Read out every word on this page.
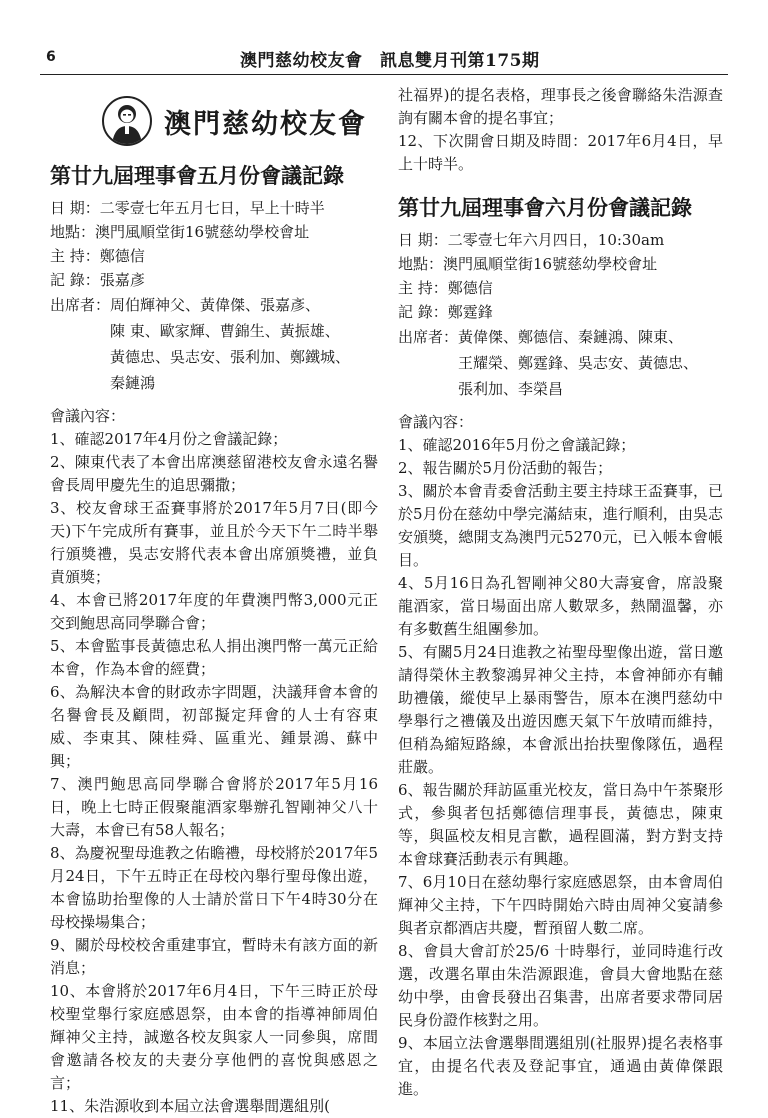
6	澳門慈幼校友會　訊息雙月刊第175期
澳門慈幼校友會
第廿九屆理事會五月份會議記錄
日 期：二零壹七年五月七日，早上十時半
地點：澳門風順堂街16號慈幼學校會址
主 持：鄭德信
記 錄：張嘉彥
出席者： 周伯輝神父、黃偉傑、張嘉彥、
陳 東、歐家輝、曹錦生、黃振雄、
黃德忠、吳志安、張利加、鄭鐵城、
秦鏈鴻
會議內容：

1、確認2017年4月份之會議記錄；

2、陳東代表了本會出席澳慈留港校友會永遠名譽會長周甲慶先生的追思彌撒；

3、校友會球王盃賽事將於2017年5月7日(即今天)下午完成所有賽事，並且於今天下午二時半舉行頒獎禮，吳志安將代表本會出席頒獎禮，並負責頒獎；

4、本會已將2017年度的年費澳門幣3,000元正交到鮑思高同學聯合會；

5、本會監事長黃德忠私人捐出澳門幣一萬元正給本會，作為本會的經費；

6、為解決本會的財政赤字問題，決議拜會本會的名譽會長及顧問，初部擬定拜會的人士有容東威、李東其、陳桂舜、區重光、鍾景鴻、蘇中興；

7、澳門鮑思高同學聯合會將於2017年5月16日，晚上七時正假聚龍酒家舉辦孔智剛神父八十大壽，本會已有58人報名；

8、為慶祝聖母進教之佑瞻禮，母校將於2017年5月24日，下午五時正在母校內舉行聖母像出遊，本會協助抬聖像的人士請於當日下午4時30分在母校操場集合；

9、關於母校校舍重建事宜，暫時未有該方面的新消息；

10、本會將於2017年6月4日，下午三時正於母校聖堂舉行家庭感恩祭，由本會的指導神師周伯輝神父主持，誠邀各校友與家人一同參與，席間會邀請各校友的夫妻分享他們的喜悅與感恩之言；

11、朱浩源收到本屆立法會選舉間選組別(

社福界)的提名表格，理事長之後會聯絡朱浩源查詢有關本會的提名事宜；

12、下次開會日期及時間：2017年6月4日，早上十時半。

第廿九屆理事會六月份會議記錄
日 期：二零壹七年六月四日，10:30am
地點：澳門風順堂街16號慈幼學校會址
主 持：鄭德信
記 錄：鄭霆鋒
出席者： 黃偉傑、鄭德信、秦鏈鴻、陳東、
王耀榮、鄭霆鋒、吳志安、黃德忠、
張利加、李榮昌
會議內容：

1、確認2016年5月份之會議記錄；

2、報告關於5月份活動的報告；

3、關於本會青委會活動主要主持球王盃賽事，已於5月份在慈幼中學完滿結束，進行順利，由吳志安頒獎，總開支為澳門元5270元，已入帳本會帳目。

4、5月16日為孔智剛神父80大壽宴會，席設聚龍酒家，當日場面出席人數眾多，熱鬧溫馨，亦有多數舊生組團參加。

5、有關5月24日進教之祐聖母聖像出遊，當日邀請得榮休主教黎鴻昇神父主持，本會神師亦有輔助禮儀，縱使早上暴雨警告，原本在澳門慈幼中學舉行之禮儀及出遊因應天氣下午放晴而維持，但稍為縮短路線，本會派出抬扶聖像隊伍，過程莊嚴。

6、報告關於拜訪區重光校友，當日為中午茶聚形式，參與者包括鄭德信理事長，黃德忠，陳東等，與區校友相見言歡，過程圓滿，對方對支持本會球賽活動表示有興趣。

7、6月10日在慈幼舉行家庭感恩祭，由本會周伯輝神父主持，下午四時開始六時由周神父宴請參與者京都酒店共慶，暫預留人數二席。

8、會員大會訂於25/6 十時舉行，並同時進行改選，改選名單由朱浩源跟進，會員大會地點在慈幼中學，由會長發出召集書，出席者要求帶同居民身份證作核對之用。

9、本屆立法會選舉間選組別(社服界)提名表格事宜，由提名代表及登記事宜，通過由黃偉傑跟進。
